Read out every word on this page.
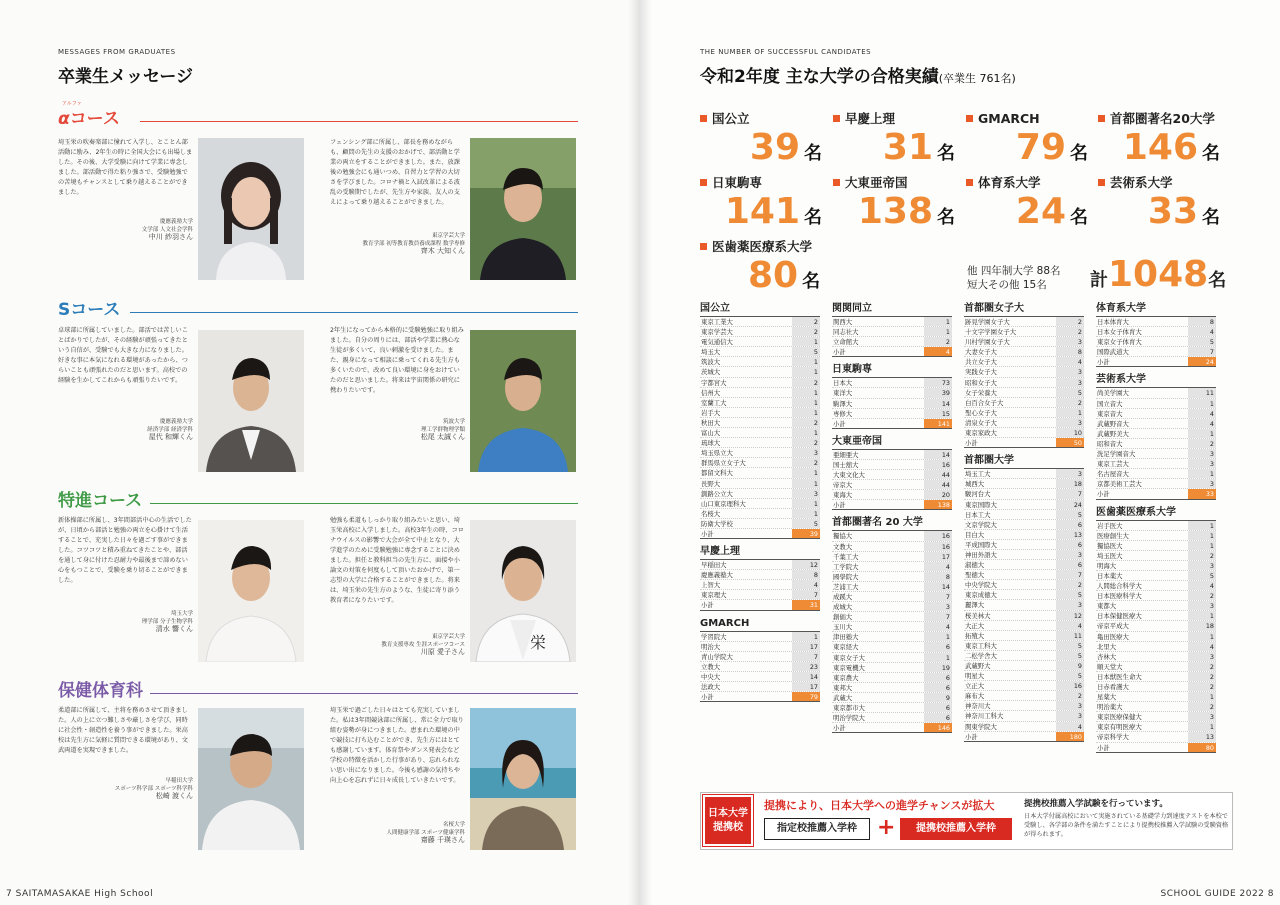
MESSAGES FROM GRADUATES
卒業生メッセージ
アルファ
αコース
埼玉栄の吹奏楽部に憧れて入学し、とことん部活動に励み、2年生の時に全国大会にも出場しました。その後、大学受験に向けて学業に専念しました。部活動で得た粘り強さで、受験勉強での苦境もチャンスとして乗り越えることができました。
慶應義塾大学
文学部 人文社会学科
中川 紗羽さん
フェンシング部に所属し、部長を務めながらも、顧問の先生の支援のおかげで、部活動と学業の両立をすることができました。また、放課後の勉強会にも通いつめ、自習力と学習の大切さを学びました。コロナ禍と入試改革による波乱の受験期でしたが、先生方や家族、友人の支えによって乗り越えることができました。
東京学芸大学
教育学部 初等教育教員養成課程 数学専修
齊木 大知くん
Sコース
卓球部に所属していました。部活では苦しいことばかりでしたが、その経験が頑張ってきたという自信が、受験でも大きな力になりました。好きな事に本気になれる環境があったから、つらいことも頑張れたのだと思います。高校での経験を生かしてこれからも頑張りたいです。
慶應義塾大学
経済学部 経済学科
屋代 和輝くん
2年生になってから本格的に受験勉強に取り組みました。自分の周りには、部活や学業に熱心な生徒が多くいて、良い刺激を受けました。また、親身になって相談に乗ってくれる先生方も多くいたので、改めて良い環境に身をおけていたのだと思いました。将来は宇宙関係の研究に携わりたいです。
筑波大学
理工学群物理学類
松尾 太誠くん
特進コース
新体操部に所属し、3年間部活中心の生活でしたが、日頃から部活と勉強の両立を心掛けて生活することで、充実した日々を過ごす事ができました。コツコツと積み重ねてきたことや、部活を通して身に付けた忍耐力や最後まで諦めない心をもつことで、受験を乗り切ることができました。
埼玉大学
理学部 分子生物学科
清水 響くん
勉強も柔道もしっかり取り組みたいと思い、埼玉栄高校に入学しました。高校3年生の時、コロナウイルスの影響で大会が全て中止となり、大学進学のために受験勉強に専念することに決めました。担任と教科担当の先生方に、面接や小論文の対策を何度もして頂いたおかげで、第一志望の大学に合格することができました。将来は、埼玉栄の先生方のような、生徒に寄り添う教育者になりたいです。
東京学芸大学
教育支援専攻 生涯スポーツコース
川原 愛子さん	栄
保健体育科
柔道部に所属して、主将を務めさせて頂きました。人の上に立つ難しさや厳しさを学び、同時に社会性・創造性を養う事ができました。栄高校は先生方に気軽に質問できる環境があり、文武両道を実現できました。
早稲田大学
スポーツ科学部 スポーツ科学科
松崎 渡くん
埼玉栄で過ごした日々はとても充実していました。私は3年間競泳部に所属し、常に全力で取り組む姿勢が身につきました。恵まれた環境の中で競技に打ち込むことができ、先生方にはとても感謝しています。体育祭やダンス発表会など学校の特徴を活かした行事があり、忘れられない思い出になりました。今後も感謝の気持ちや向上心を忘れずに日々成長していきたいです。
名桜大学
人間健康学部 スポーツ健康学科
齋藤 千瑛さん
7 SAITAMASAKAE High School
THE NUMBER OF SUCCESSFUL CANDIDATES
令和2年度 主な大学の合格実績(卒業生 761名)
SCHOOL GUIDE 2022 8
国公立
39 名
早慶上理
31 名
GMARCH
79 名
首都圏著名20大学
146 名
日東駒専
141 名
大東亜帝国
138 名
体育系大学
24 名
芸術系大学
33 名
医歯薬医療系大学
80 名	他 四年制大学 88名
短大その他 15名	計1048名
国公立
東京工業大	2
東京学芸大	2
電気通信大	1
埼玉大	5
筑波大	1
茨城大	1
宇都宮大	2
信州大	1
室蘭工大	1
岩手大	1
秋田大	2
富山大	1
琉球大	2
埼玉県立大	3
群馬県立女子大	2
都留文科大	1
長野大	1
釧路公立大	3
山口東京理科大	1
名桜大	1
防衛大学校	5
小計	39
早慶上理
早稲田大	12
慶應義塾大	8
上智大	4
東京理大	7
小計	31
GMARCH
学習院大	1
明治大	17
青山学院大	7
立教大	23
中央大	14
法政大	17
小計	79
関関同立
関西大	1
同志社大	1
立命館大	2
小計	4
日東駒専
日本大	73
東洋大	39
駒澤大	14
専修大	15
小計	141
大東亜帝国
亜細亜大	14
国士舘大	16
大東文化大	44
帝京大	44
東海大	20
小計	138
首都圏著名 20 大学
獨協大	16
文教大	16
千葉工大	17
工学院大	4
國學院大	8
芝浦工大	14
成蹊大	7
成城大	3
創価大	7
玉川大	4
津田塾大	1
東京経大	6
東京女子大	1
東京電機大	19
東京農大	6
東邦大	6
武蔵大	9
東京都市大	6
明治学院大	6
小計	146
首都圏女子大
跡見学園女子大	2
十文字学園女子大	2
川村学園女子大	3
大妻女子大	8
共立女子大	4
実践女子大	3
昭和女子大	3
女子栄養大	5
白百合女子大	2
聖心女子大	1
清泉女子大	3
東京家政大	10
小計	50
首都圏大学
埼玉工大	3
城西大	18
駿河台大	7
東京国際大	24
日本工大	5
文京学院大	6
目白大	13
平成国際大	6
神田外語大	3
淑徳大	6
聖徳大	7
中央学院大	2
東京成徳大	5
麗澤大	3
桜美林大	12
大正大	4
拓殖大	11
東京工科大	5
二松学舎大	5
武蔵野大	9
明星大	5
立正大	16
麻布大	2
神奈川大	3
神奈川工科大	3
関東学院大	4
小計	180
体育系大学
日本体育大	8
日本女子体育大	4
東京女子体育大	5
国際武道大	7
小計	24
芸術系大学
尚美学園大	11
国立音大	1
東京音大	4
武蔵野音大	4
武蔵野美大	1
昭和音大	2
洗足学園音大	3
東京工芸大	3
名古屋音大	1
京都美術工芸大	3
小計	33
医歯薬医療系大学
岩手医大	1
医療創生大	1
獨協医大	1
埼玉医大	2
明海大	3
日本薬大	5
人間総合科学大	4
日本医療科学大	2
東都大	3
日本保健医療大	1
帝京平成大	18
亀田医療大	1
北里大	4
杏林大	3
順天堂大	2
日本獣医生命大	2
日赤看護大	2
星薬大	1
明治薬大	2
東京医療保健大	3
東京有明医療大	1
帝京科学大	13
小計	80
日本大学
提携校
提携により、日本大学への進学チャンスが拡大
指定校推薦入学枠 +	提携校推薦入学枠
提携校推薦入学試験を行っています。
日本大学付属高校において実施されている基礎学力到達度テストを本校で受験し、各学部の条件を満たすことにより提携校推薦入学試験の受験資格が得られます。
